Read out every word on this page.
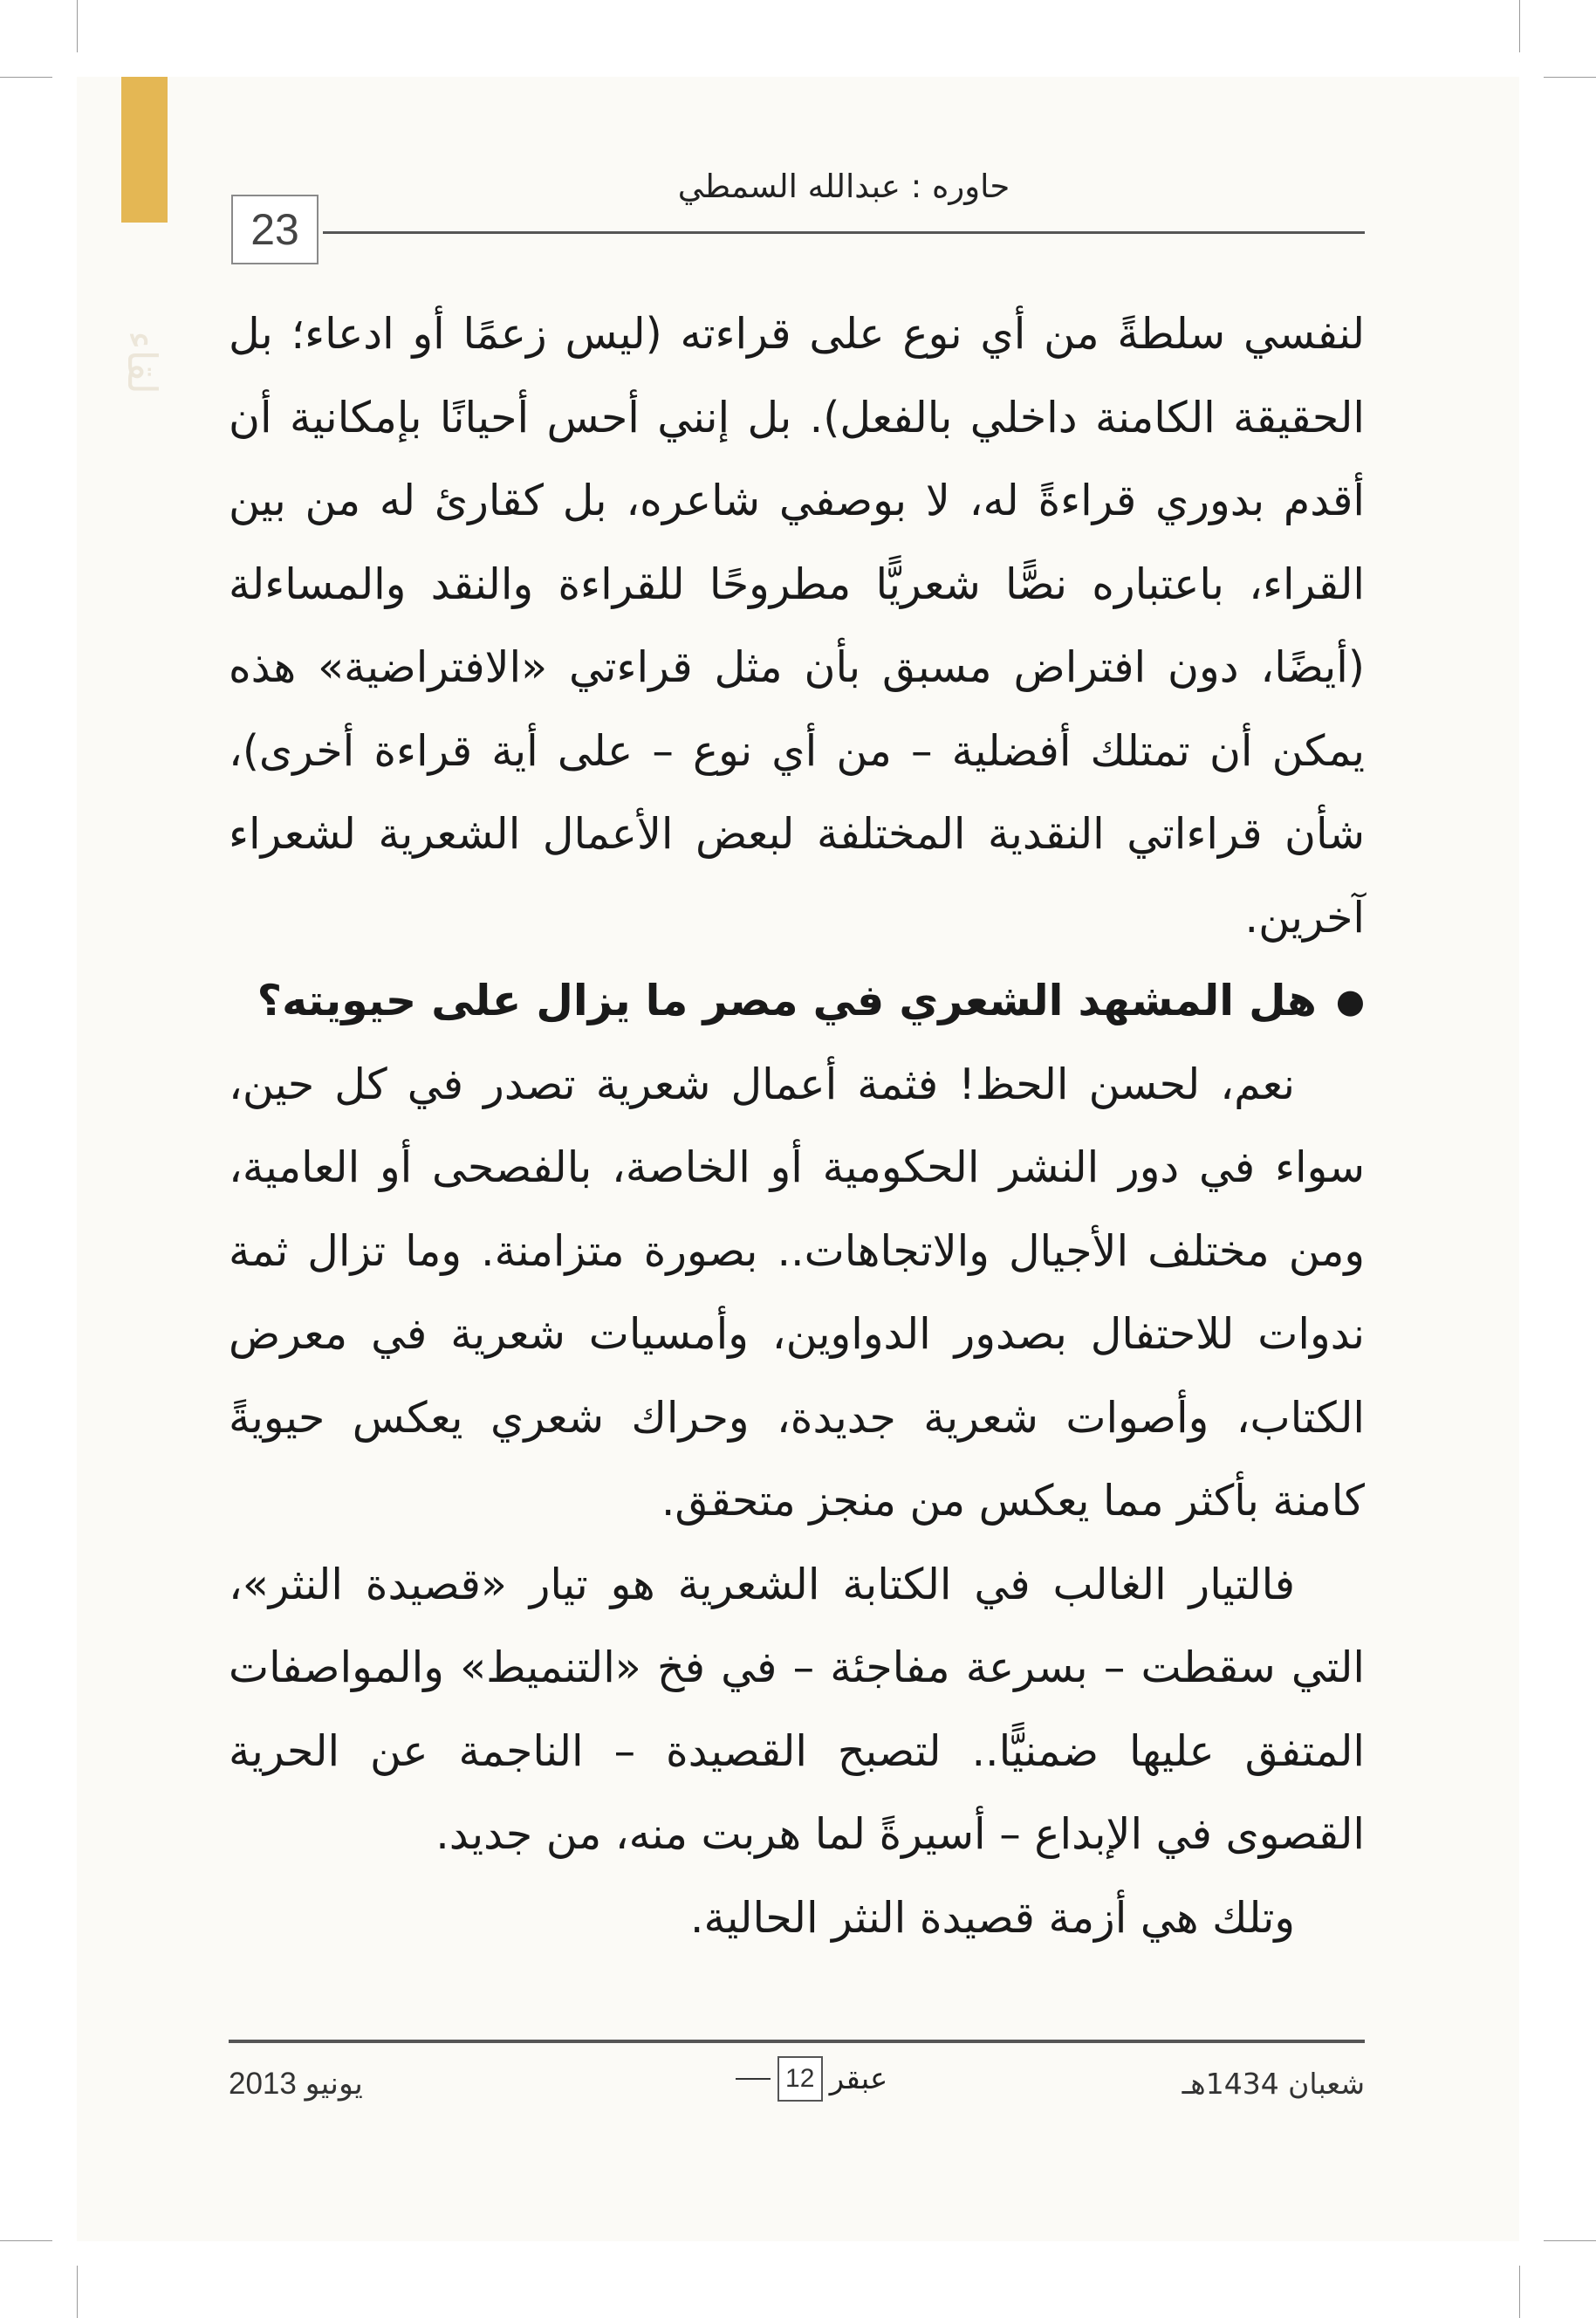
لقاء
23
حاوره : عبدالله السمطي

لنفسي سلطةً من أي نوع على قراءته (ليس زعمًا أو ادعاء؛ بل الحقيقة الكامنة داخلي بالفعل). بل إنني أحس أحيانًا بإمكانية أن أقدم بدوري قراءةً له، لا بوصفي شاعره، بل كقارئ له من بين القراء، باعتباره نصًّا شعريًّا مطروحًا للقراءة والنقد والمساءلة (أيضًا، دون افتراض مسبق بأن مثل قراءتي «الافتراضية» هذه يمكن أن تمتلك أفضلية – من أي نوع – على أية قراءة أخرى)، شأن قراءاتي النقدية المختلفة لبعض الأعمال الشعرية لشعراء آخرين.

●
هل المشهد الشعري في مصر ما يزال على حيويته؟

نعم، لحسن الحظ! فثمة أعمال شعرية تصدر في كل حين، سواء في دور النشر الحكومية أو الخاصة، بالفصحى أو العامية، ومن مختلف الأجيال والاتجاهات.. بصورة متزامنة. وما تزال ثمة ندوات للاحتفال بصدور الدواوين، وأمسيات شعرية في معرض الكتاب، وأصوات شعرية جديدة، وحراك شعري يعكس حيويةً كامنة بأكثر مما يعكس من منجز متحقق.

فالتيار الغالب في الكتابة الشعرية هو تيار «قصيدة النثر»، التي سقطت – بسرعة مفاجئة – في فخ «التنميط» والمواصفات المتفق عليها ضمنيًّا.. لتصبح القصيدة – الناجمة عن الحرية القصوى في الإبداع – أسيرةً لما هربت منه، من جديد.

وتلك هي أزمة قصيدة النثر الحالية.

شعبان 1434هـ
12 عبقر
يونيو 2013
